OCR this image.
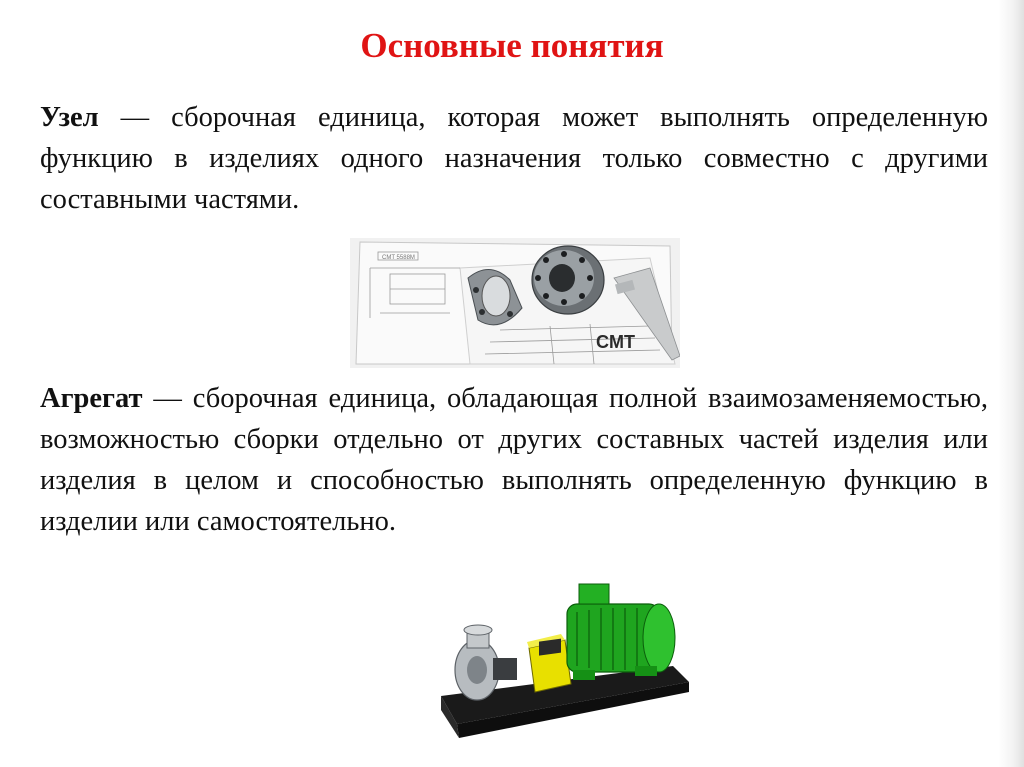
Основные понятия
Узел — сборочная единица, которая может выполнять определенную функцию в изделиях одного назначения только совместно с другими составными частями.
CMT 5588M
CMT
Агрегат — сборочная единица, обладающая полной взаимозаменяемостью, возможностью сборки отдельно от других составных частей изделия или изделия в целом и способностью выполнять определенную функцию в изделии или самостоятельно.
